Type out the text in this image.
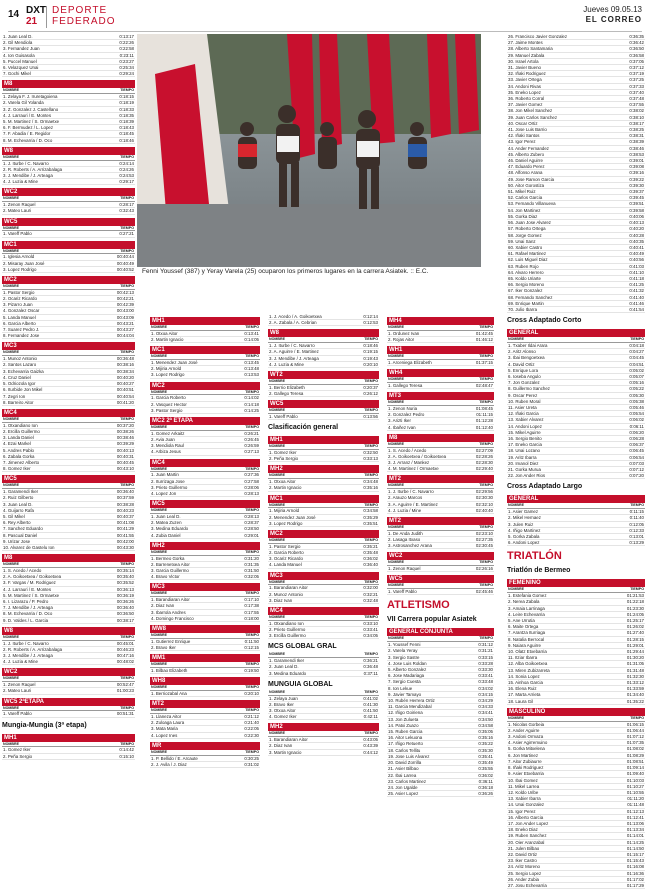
14 DXT
21
DEPORTE
FEDERADO
Jueves 09.05.13
EL CORREO
1. Juan Leal D.	0:13:17
2. Gil Mendiola	0:22:26
3. Fernandez Juan	0:22:58
4. Ion Guisasola	0:23:11
5. Puccel Manuel	0:23:27
6. Velazquez Unai	0:25:34
7. Gochi Mikel	0:29:24
M8
NOMBRE	TIEMPO
1. Zelaya F. J. Iruretagoiena	0:18:15
2. Varela Gil Yolanda	0:18:19
3. Z. Gonzalez J. Castellano	0:18:33
4. J. Larrauri / E. Montes	0:18:35
5. M. Martinez / S. Ormaetxe	0:18:39
6. F. Bermudez / L. Lopez	0:18:43
7. F. Abadia / E. Regidor	0:18:45
8. M. Echevarria / D. Oco	0:18:46
W8
NOMBRE	TIEMPO
1. J. Iturbe / C. Navarro	0:24:14
2. R. Roberts / A. Arrizabalaga	0:24:26
3. J. Mendibe / J. Arteaga	0:24:53
4. J. Luzia & Mine	0:29:17
WC2
NOMBRE	TIEMPO
1. Zenon Raquel	0:28:17
2. Mateo Lauri	0:32:43
WC5
NOMBRE	TIEMPO
1. Vareff Pablo	0:27:21
MC1
NOMBRE	TIEMPO
1. Iglesia Arnold	00:40:44
2. Misaray Juan José	00:40:49
3. Lopez Rodrigo	00:40:52
MC2
NOMBRE	TIEMPO
1. Pastor Sergio	00:42:13
2. Ocariz Ricardo	00:42:21
3. Pizarro Juan	00:42:39
4. Gonzalez Oscar	00:43:00
5. Landa Manuel	00:43:09
6. Garcia Alberto	00:43:21
7. Suarez Pedro J.	00:43:27
8. Fernandez Jose	00:44:04
MC3
NOMBRE	TIEMPO
1. Munoz Antonio	00:36:48
2. Santos Lazaro	00:38:16
3. Echevarria Gaizka	00:38:34
4. Cruz Daniel	00:40:20
5. Odriozola Igor	00:40:27
6. Iturbide Jon Mikel	00:40:51
7. Zegri Ion	00:40:54
8. Barreiro Aitor	00:41:20
MC4
NOMBRE	TIEMPO
1. Otxandiano Ion	00:37:20
2. Ercilla Guillermo	00:38:26
3. Landa Daniel	00:38:46
4. Ezai Markel	00:39:29
5. Andres Pablo	00:40:13
6. Zabala Gorka	00:40:31
7. Jimenez Alberto	00:40:45
8. Gomez Iker	00:43:10
MC5
NOMBRE	TIEMPO
1. Garamendi Iker	00:36:40
2. Ruiz Gilberto	00:37:59
3. Juan Leal D.	00:38:28
4. Guijarro Rafa	00:40:23
5. Gil Mikel	00:40:37
6. Rey Alberto	00:41:08
7. Sanchez Eduardo	00:41:29
8. Pascual Daniel	00:41:55
9. Urizar Jose	00:42:00
10. Alvarez de Gastelu Ion	00:43:30
M8
NOMBRE	TIEMPO
1. S. Acedo / Acedo	00:35:14
2. A. Goikoetxea / Goikoetxea	00:35:40
3. F. Vargas / M. Rodriguez	00:35:52
4. J. Larrauri / E. Montes	00:36:13
5. M. Martinez / S. Ormaetxe	00:36:19
6. I. Lizarazu / P. Pedro	00:36:26
7. J. Mendibe / J. Arteaga	00:36:40
8. M. Echevarria / D. Oco	00:36:50
9. D. Valdes / L. Garcia	00:38:17
W8
NOMBRE	TIEMPO
1. J. Iturbe / C. Navarro	00:45:01
2. R. Roberts / A. Arrizabalaga	00:46:23
3. J. Mendibe / J. Arteaga	00:47:16
4. J. Luzia & Mine	00:48:02
WC2
NOMBRE	TIEMPO
1. Zenon Raquel	00:52:47
2. Mateo Lauri	01:00:23
WC5 2ªETAPA
NOMBRE	TIEMPO
1. Vareff Pablo	00:51:31
Mungia-Mungia (3ª etapa)
MH1
NOMBRE	TIEMPO
1. Gomez Iker	0:14:42
2. Peña Sergio	0:15:10
Fenni Youssef (387) y Yeray Varela (25) ocuparon los primeros lugares en la carrera Asiatek. :: E.C.
MH1
NOMBRE	TIEMPO
1. Otxoa Aitor	0:13:41
2. Martin Ignacio	0:14:05
MC1
NOMBRE	TIEMPO
1. Menendez Juan José	0:13:45
2. Mijiria Arnold	0:13:48
3. Lopez Rodrigo	0:13:53
MC2
NOMBRE	TIEMPO
1. Garcia Roberto	0:14:02
2. Vasquez Hector	0:14:18
3. Pastor Sergio	0:14:25
MC2 2ª ETAPA
NOMBRE	TIEMPO
1. Gomez Arkaitz	0:26:21
2. Avia Juan	0:26:45
3. Mendiola Raul	0:26:59
4. Arbiza Jesus	0:27:13
MC4
NOMBRE	TIEMPO
1. Juan Martin	0:27:36
2. Iturrizaga Jose	0:27:58
3. Prieto Guillermo	0:28:06
4. Lopez Jon	0:28:13
MC5
NOMBRE	TIEMPO
1. Juan Leal D.	0:28:13
2. Matea Zuzen	0:28:37
3. Medina Eduardo	0:28:50
4. Zubia Daniel	0:29:01
MH2
NOMBRE	TIEMPO
1. Bermeo Gorka	0:31:20
2. Barrenetxea Aitor	0:31:35
3. Garcia Guillermo	0:31:50
4. Bravo Victor	0:32:05
MC3
NOMBRE	TIEMPO
1. Barandiaran Aitor	0:17:10
2. Diaz Ivan	0:17:38
3. Ibarrola Andres	0:17:55
4. Domingo Francisco	0:18:00
MW8
NOMBRE	TIEMPO
1. Gutierrez Enrique	0:11:50
2. Bravo Iker	0:12:15
MM1
NOMBRE	TIEMPO
1. Bilbao Elizabeth	0:19:50
WH8
NOMBRE	TIEMPO
1. Berriozabal Ana	0:20:10
MT2
NOMBRE	TIEMPO
1. Llaneza Aitor	0:21:12
2. Zuloaga Laura	0:21:40
3. Mata Maria	0:22:05
4. Lopez Ines	0:22:30
MR
NOMBRE	TIEMPO
1. P. Bellido / E. Arcaute	0:30:25
2. J. Avila / J. Diaz	0:31:02
1. J. Acedo / A. Goikoetxea	0:12:14
2. A. Zabala / A. Cebrian	0:12:53
W8
NOMBRE	TIEMPO
1. J. Iturbe / C. Navarro	0:18:46
2. A. Aguirre / E. Martinez	0:19:15
3. J. Mendibe / J. Arteaga	0:19:43
4. J. Luzia & Mine	0:20:10
WT2
NOMBRE	TIEMPO
1. Berrio Elizabeth	0:20:37
2. Gallego Teresa	0:26:12
WC5
NOMBRE	TIEMPO
1. Vareff Pablo	0:13:56
Clasificación general
MH1
NOMBRE	TIEMPO
1. Gomez Iker	0:32:50
2. Peña Sergio	0:33:13
MH2
NOMBRE	TIEMPO
1. Otxoa Aitor	0:34:48
2. Martin Ignacio	0:35:16
MC1
NOMBRE	TIEMPO
1. Mijiria Arnold	0:34:58
2. Menendez Juan José	0:35:29
3. Lopez Rodrigo	0:35:51
MC2
NOMBRE	TIEMPO
1. Pastor Sergio	0:35:21
2. Garcia Roberto	0:35:48
3. Ocariz Ricardo	0:36:02
4. Landa Manuel	0:36:40
MC3
NOMBRE	TIEMPO
1. Barandiaran Aitor	0:32:00
2. Munoz Antonio	0:32:21
3. Diaz Ivan	0:32:48
MC4
NOMBRE	TIEMPO
1. Otxandiano Ion	0:33:10
2. Prieto Guillermo	0:33:41
3. Ercilla Guillermo	0:34:05
MCS GLOBAL GRAL
NOMBRE	TIEMPO
1. Garamendi Iker	0:36:21
2. Juan Leal D.	0:36:48
3. Medina Eduardo	0:37:11
MUNGUIA GLOBAL
NOMBRE	TIEMPO
1. Zelaya Juan	0:41:02
2. Bravo Iker	0:41:30
3. Otxoa Aitor	0:41:50
4. Gomez Iker	0:42:11
MH2
NOMBRE	TIEMPO
1. Barandiaran Aitor	0:43:05
2. Diaz Ivan	0:43:39
3. Martin Ignacio	0:44:12
MH4
NOMBRE	TIEMPO
1. Ordunez Ivan	01:42:45
2. Rojas Aitor	01:46:12
WH1
NOMBRE	TIEMPO
1. Arceniega Elizabeth	01:37:15
WH4
NOMBRE	TIEMPO
1. Gallego Teresa	02:48:47
MT3
NOMBRE	TIEMPO
1. Zenon Nuria	01:08:45
2. Gonzalez Pedro	01:11:15
3. Arizti Iker	01:12:28
4. Ibañez Ivan	01:12:40
M8
NOMBRE	TIEMPO
1. S. Acedo / Acedo	02:27:09
2. A. Goikoetxea / Goikoetxea	02:28:26
3. J. Arranz / Mankez	02:28:30
4. M. Martinez / Ormaetxe	02:29:40
MT2
NOMBRE	TIEMPO
1. J. Iturbe / C. Navarro	02:29:56
2. Arauzo Marcos	02:30:30
3. A. Aguirre / E. Martinez	02:32:10
4. J. Luzia / Mine	02:40:40
MT2
NOMBRE	TIEMPO
1. De Anda Judith	02:23:10
2. Lasaga Itxaso	02:27:35
3. Astrosanchez Arana	02:30:45
WC2
NOMBRE	TIEMPO
1. Zenon Raquel	02:26:16
WC5
NOMBRE	TIEMPO
1. Vareff Pablo	02:45:46
ATLETISMO
VII Carrera popular Asiatek
GENERAL CONJUNTA
NOMBRE	TIEMPO
1. Youssef Fenni	0:31:12
2. Varela Yeray	0:31:21
3. Sergio Sastre	0:33:15
4. Jose Luis Roldan	0:33:28
5. Alberto Gonzalez	0:33:30
6. Jose Madariaga	0:33:41
7. Sergio Cuesta	0:33:48
8. Ion Lekue	0:34:02
9. Javier Tamayo	0:34:15
10. Rubén Herrera Ortiz	0:34:29
11. Garcia Mendizabal	0:34:33
12. Iñigo Goiriena	0:34:41
13. Jon Zulueta	0:34:50
14. Patxi Zuazo	0:34:58
15. Ruben Garcia	0:35:05
16. Aitor Lekuona	0:35:16
17. Iñigo Retuerto	0:35:22
18. Carlos Tellitu	0:35:30
19. Jose Luis Alvarez	0:35:41
20. David Zorrilla	0:35:49
21. Asier Bilbao	0:35:55
22. Ibai Larrea	0:36:02
23. Carlos Martinez	0:36:11
24. Jon Ugalde	0:36:18
25. Asier Lopez	0:36:26
26. Francisco Javier Gonzalez	0:36:35
27. Jaime Montes	0:36:42
28. Alberto Santamaria	0:36:50
29. Manuel Zabala	0:36:58
30. Israel Artola	0:37:05
31. Javier Bueno	0:37:12
32. Iñaki Rodriguez	0:37:19
33. Javier Ortega	0:37:25
34. Andoni Rivas	0:37:33
35. Eneko Lopez	0:37:40
36. Roberto Corral	0:37:48
37. Javier Gomez	0:37:55
38. Jon Mikel Sanchez	0:38:02
39. Juan Carlos Sanchez	0:38:10
40. Oscar Ortiz	0:38:17
41. Jose Luis Barrio	0:38:25
42. Iñaki Santos	0:38:31
43. Igor Perez	0:38:39
44. Ander Fernandez	0:38:46
45. Alberto Zubero	0:38:53
46. Daniel Aguirre	0:39:01
47. Eduardo Perez	0:39:08
48. Alfonso Arana	0:39:16
49. Jose Ramon Garcia	0:39:22
50. Aitor Gorostiza	0:39:30
51. Mikel Ruiz	0:39:37
52. Carlos Garcia	0:39:45
53. Fernando Villanueva	0:39:51
54. Jon Martinez	0:39:58
55. Gorka Diaz	0:40:06
56. Juan Jose Alvarez	0:40:13
57. Roberto Ortega	0:40:20
58. Jorge Gomez	0:40:28
59. Unai Sanz	0:40:35
60. Xabier Castro	0:40:41
61. Rafael Martinez	0:40:49
62. Luis Miguel Diaz	0:40:56
63. Ruben Rojo	0:41:03
64. Alvaro Herrero	0:41:10
65. Koldo Uriarte	0:41:18
66. Sergio Moreno	0:41:25
67. Iker Gonzalez	0:41:32
68. Fernando Sanchez	0:41:40
69. Enrique Martin	0:41:46
70. Julio Ibarra	0:41:54
Cross Adaptado Corto
GENERAL
NOMBRE	TIEMPO
1. Txaber Ildai Arara	0:04:18
2. Aritz Alonso	0:04:27
3. Ibai Bengoetxea	0:04:45
4. David Ortiz	0:04:51
5. Enrique Lora	0:05:02
6. Ioseba Angulo	0:05:07
7. Jon Gonzalez	0:05:16
8. Guillermo Sanchez	0:05:22
9. Oscar Perez	0:05:30
10. Ruben Moral	0:05:38
11. Asier Ureta	0:05:46
12. Iñaki Garcia	0:05:54
13. Xabier Alvarez	0:06:02
14. Andoni Lopez	0:06:11
15. Mikel Aguirre	0:06:20
16. Sergio Benito	0:06:28
17. Eneko Garcia	0:06:37
18. Unai Lozano	0:06:45
19. Aritz Ibarra	0:06:54
20. Imanol Diez	0:07:03
21. Gorka Murua	0:07:12
22. Jon Ander Rios	0:07:20
Cross Adaptado Largo
GENERAL
NOMBRE	TIEMPO
1. Asier Gamez	0:11:15
2. Mikel Hernaez	0:11:40
3. Julen Ruiz	0:12:05
4. Iñigo Martinez	0:12:33
5. Gorka Zabala	0:13:01
6. Andoni Lopez	0:13:29
TRIATLÓN
Triatlón de Bermeo
FEMENINO
NOMBRE	TIEMPO
1. Estefania Gomez	01:21:53
2. Nerea Zabala	01:22:18
3. Amaia Larrinaga	01:23:30
4. Leire Echevarria	01:24:05
5. Ane Urrutia	01:25:17
6. Maite Ortega	01:26:02
7. Arantza Iturriaga	01:27:40
8. Natalia Berrocal	01:28:15
9. Naiara Aguirre	01:29:01
10. Olatz Etxebarria	01:29:44
11. Itziar Ibarra	01:30:20
12. Alba Goikoetxea	01:31:05
13. Miren Zubizarreta	01:31:48
14. Sonia Lopez	01:32:30
15. Ainhoa Garcia	01:33:12
16. Elena Ruiz	01:33:59
17. Marta Arrieta	01:34:40
18. Laura Gil	01:35:22
MASCULINO
NOMBRE	TIEMPO
1. Nicolas Gorbeia	01:06:15
2. Ander Aguirre	01:06:44
3. Andoni Ormaza	01:07:12
4. Asier Agirremuino	01:07:35
5. Gorka Mitxelena	01:08:02
6. Jon Martinez	01:08:29
7. Aitor Zubiaurre	01:08:51
8. Iñaki Rodriguez	01:09:14
9. Asier Etxebarria	01:09:40
10. Ibai Gomez	01:10:03
11. Mikel Larrea	01:10:27
12. Koldo Uribe	01:10:55
13. Xabier Ibarra	01:11:20
14. Unai Gonzalez	01:11:48
15. Igor Perez	01:12:13
16. Alberto Garcia	01:12:41
17. Jon Ander Lopez	01:13:06
18. Eneko Diaz	01:13:34
19. Ruben Sanchez	01:14:01
20. Oier Aranzabal	01:14:25
21. Julen Bilbao	01:14:50
22. David Ortiz	01:15:17
23. Iker Castro	01:15:43
24. Aritz Moreno	01:16:08
25. Sergio Lopez	01:16:36
26. Ander Zubia	01:17:02
27. Josu Echevarria	01:17:29
